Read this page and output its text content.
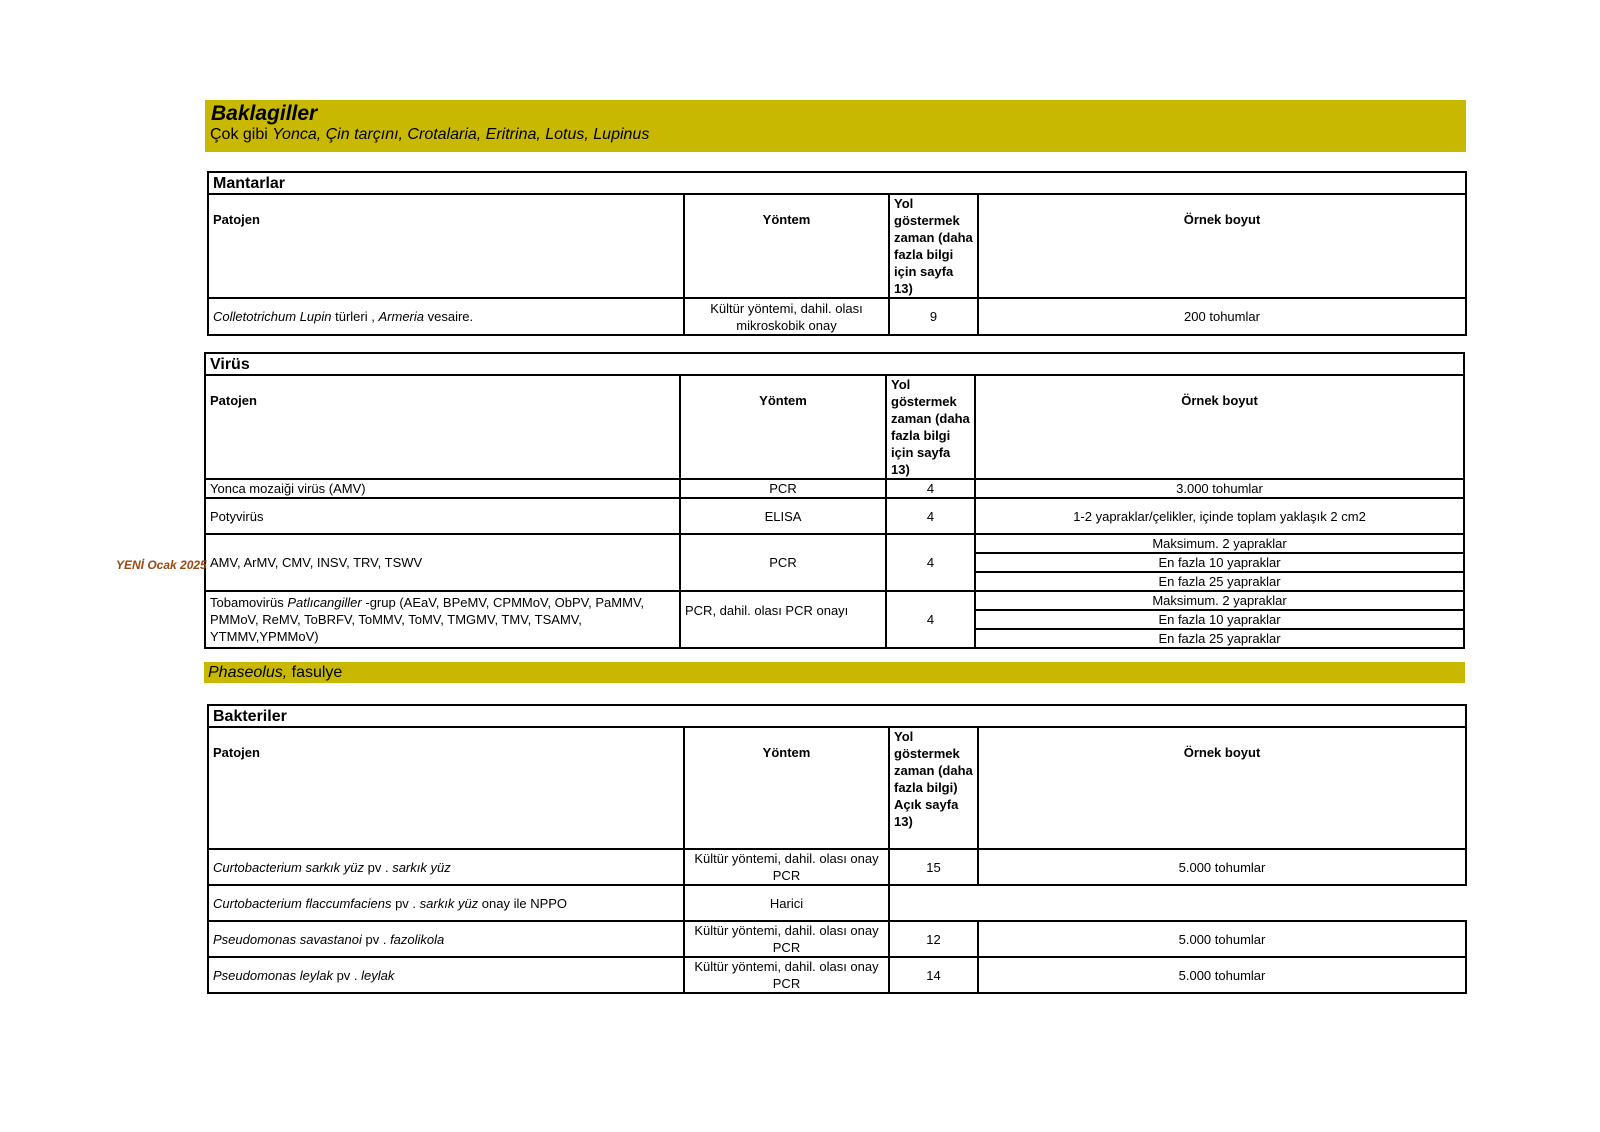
Baklagiller
Çok gibi Yonca, Çin tarçını, Crotalaria, Eritrina, Lotus, Lupinus
Mantarlar			
Patojen	Yöntem	Yol göstermek zaman (daha fazla bilgi için sayfa 13)	Örnek boyut
Colletotrichum Lupin türleri , Armeria vesaire.	Kültür yöntemi, dahil. olası mikroskobik onay	9	200 tohumlar
Virüs			
Patojen	Yöntem	Yol göstermek zaman (daha fazla bilgi için sayfa 13)	Örnek boyut
Yonca mozaiği virüs (AMV)	PCR	4	3.000 tohumlar
Potyvirüs	ELISA	4	1-2 yapraklar/çelikler, içinde toplam yaklaşık 2 cm2
AMV, ArMV, CMV, INSV, TRV, TSWV	PCR	4	Maksimum. 2 yapraklar
			En fazla 10 yapraklar
			En fazla 25 yapraklar
Tobamovirüs Patlıcangiller -grup (AEaV, BPeMV, CPMMoV, ObPV, PaMMV, PMMoV, ReMV, ToBRFV, ToMMV, ToMV, TMGMV, TMV, TSAMV, YTMMV,YPMMoV)	PCR, dahil. olası PCR onayı	4	Maksimum. 2 yapraklar
			En fazla 10 yapraklar
			En fazla 25 yapraklar
YENİ Ocak 2025
Phaseolus, fasulye
Bakteriler			
Patojen	Yöntem	Yol göstermek zaman (daha fazla bilgi) Açık sayfa 13)	Örnek boyut
Curtobacterium sarkık yüz pv . sarkık yüz	Kültür yöntemi, dahil. olası onay PCR	15	5.000 tohumlar
Curtobacterium flaccumfaciens pv . sarkık yüz onay ile NPPO	Harici		
Pseudomonas savastanoi pv . fazolikola	Kültür yöntemi, dahil. olası onay PCR	12	5.000 tohumlar
Pseudomonas leylak pv . leylak	Kültür yöntemi, dahil. olası onay PCR	14	5.000 tohumlar
